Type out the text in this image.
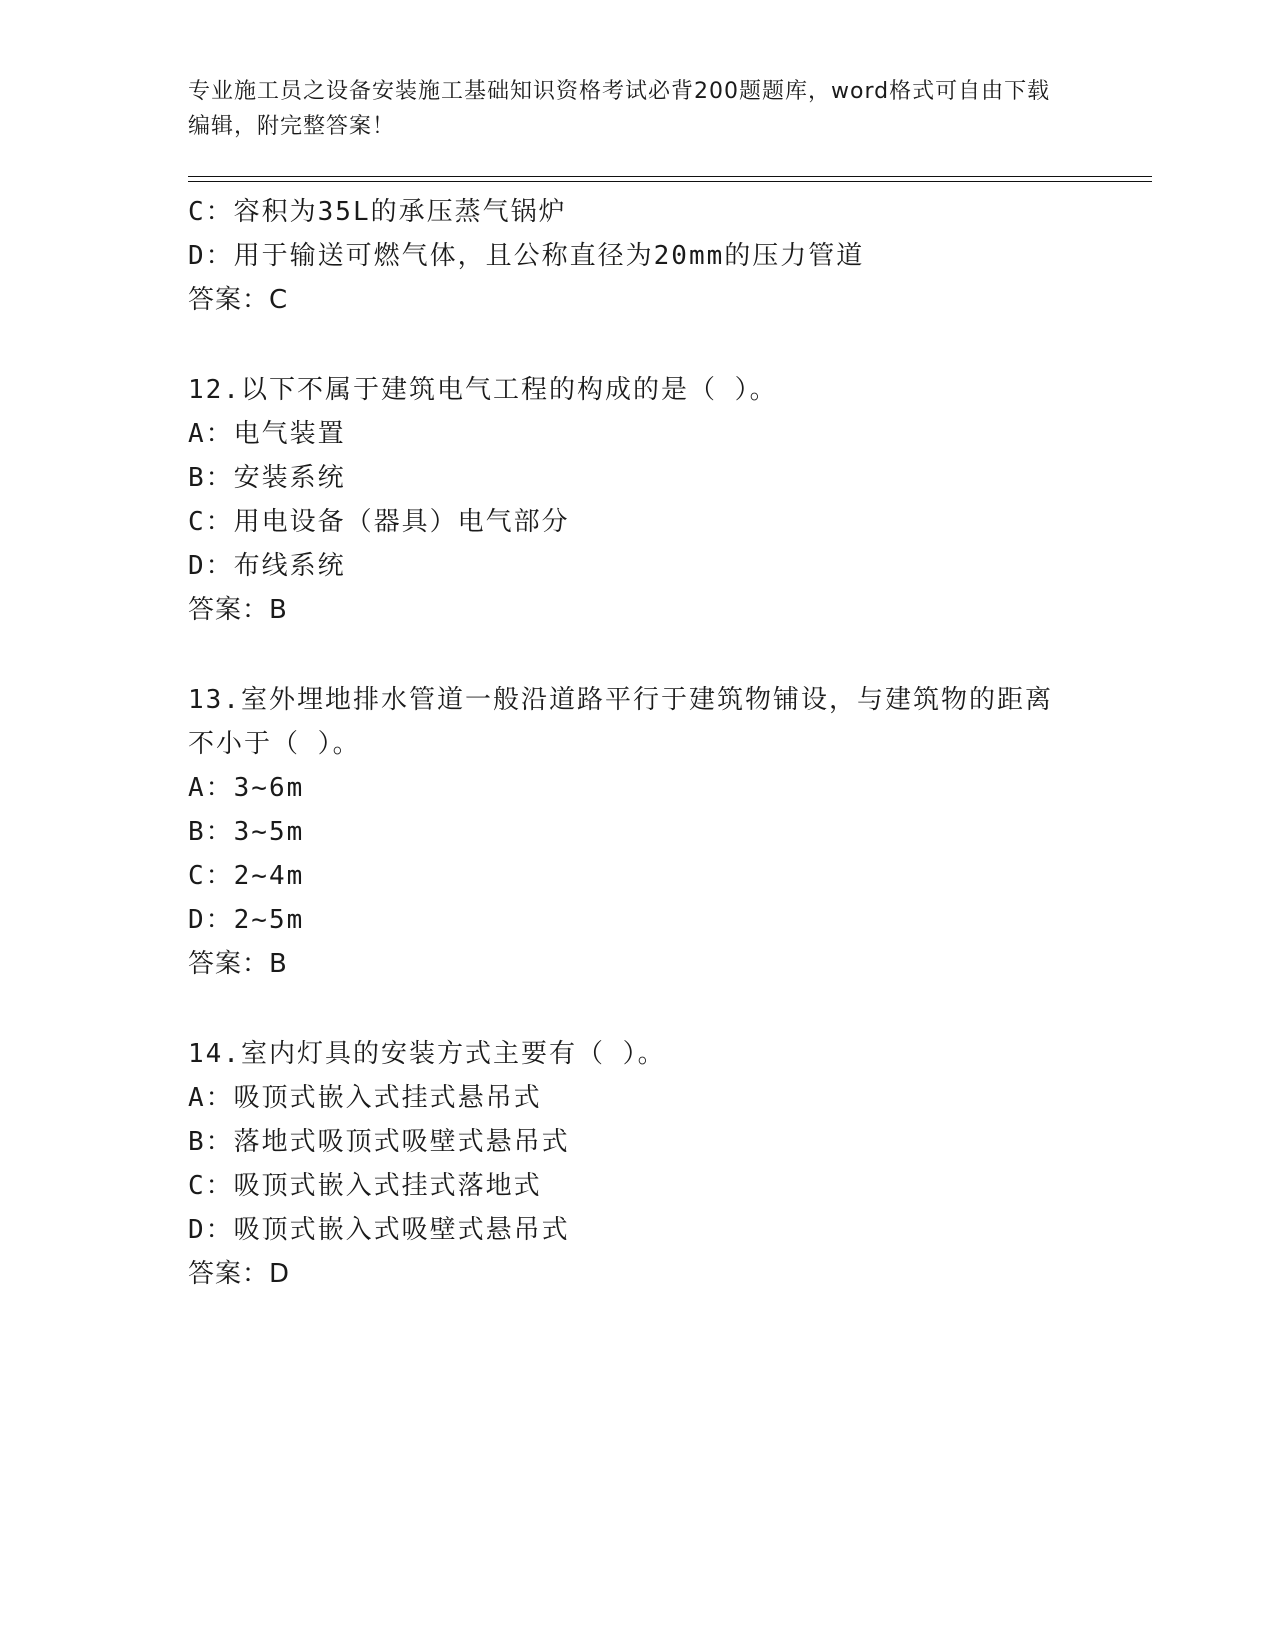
专业施工员之设备安装施工基础知识资格考试必背200题题库，word格式可自由下载编辑，附完整答案！
C：容积为35L的承压蒸气锅炉
D：用于输送可燃气体，且公称直径为20mm的压力管道
答案：C
12.以下不属于建筑电气工程的构成的是（ ）。
A：电气装置
B：安装系统
C：用电设备（器具）电气部分
D：布线系统
答案：B
13.室外埋地排水管道一般沿道路平行于建筑物铺设，与建筑物的距离
不小于（ ）。
A：3~6m
B：3~5m
C：2~4m
D：2~5m
答案：B
14.室内灯具的安装方式主要有（ ）。
A：吸顶式嵌入式挂式悬吊式
B：落地式吸顶式吸壁式悬吊式
C：吸顶式嵌入式挂式落地式
D：吸顶式嵌入式吸壁式悬吊式
答案：D
